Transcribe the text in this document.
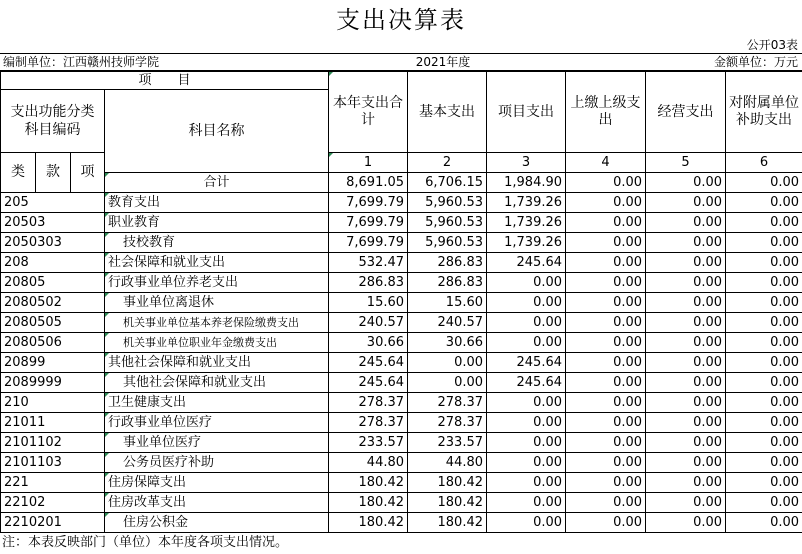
支出决算表
公开03表
编制单位：江西赣州技师学院	2021年度	金额单位：万元
项　　目				本年支出合计	基本支出	项目支出	上缴上级支出	经营支出	对附属单位补助支出
支出功能分类科目编码			科目名称						
类	款	项		1	2	3	4	5	6
			合计	8,691.05	6,706.15	1,984.90	0.00	0.00	0.00
205			教育支出	7,699.79	5,960.53	1,739.26	0.00	0.00	0.00
20503			职业教育	7,699.79	5,960.53	1,739.26	0.00	0.00	0.00
2050303			技校教育	7,699.79	5,960.53	1,739.26	0.00	0.00	0.00
208			社会保障和就业支出	532.47	286.83	245.64	0.00	0.00	0.00
20805			行政事业单位养老支出	286.83	286.83	0.00	0.00	0.00	0.00
2080502			事业单位离退休	15.60	15.60	0.00	0.00	0.00	0.00
2080505			机关事业单位基本养老保险缴费支出	240.57	240.57	0.00	0.00	0.00	0.00
2080506			机关事业单位职业年金缴费支出	30.66	30.66	0.00	0.00	0.00	0.00
20899			其他社会保障和就业支出	245.64	0.00	245.64	0.00	0.00	0.00
2089999			其他社会保障和就业支出	245.64	0.00	245.64	0.00	0.00	0.00
210			卫生健康支出	278.37	278.37	0.00	0.00	0.00	0.00
21011			行政事业单位医疗	278.37	278.37	0.00	0.00	0.00	0.00
2101102			事业单位医疗	233.57	233.57	0.00	0.00	0.00	0.00
2101103			公务员医疗补助	44.80	44.80	0.00	0.00	0.00	0.00
221			住房保障支出	180.42	180.42	0.00	0.00	0.00	0.00
22102			住房改革支出	180.42	180.42	0.00	0.00	0.00	0.00
2210201			住房公积金	180.42	180.42	0.00	0.00	0.00	0.00
注：本表反映部门（单位）本年度各项支出情况。
